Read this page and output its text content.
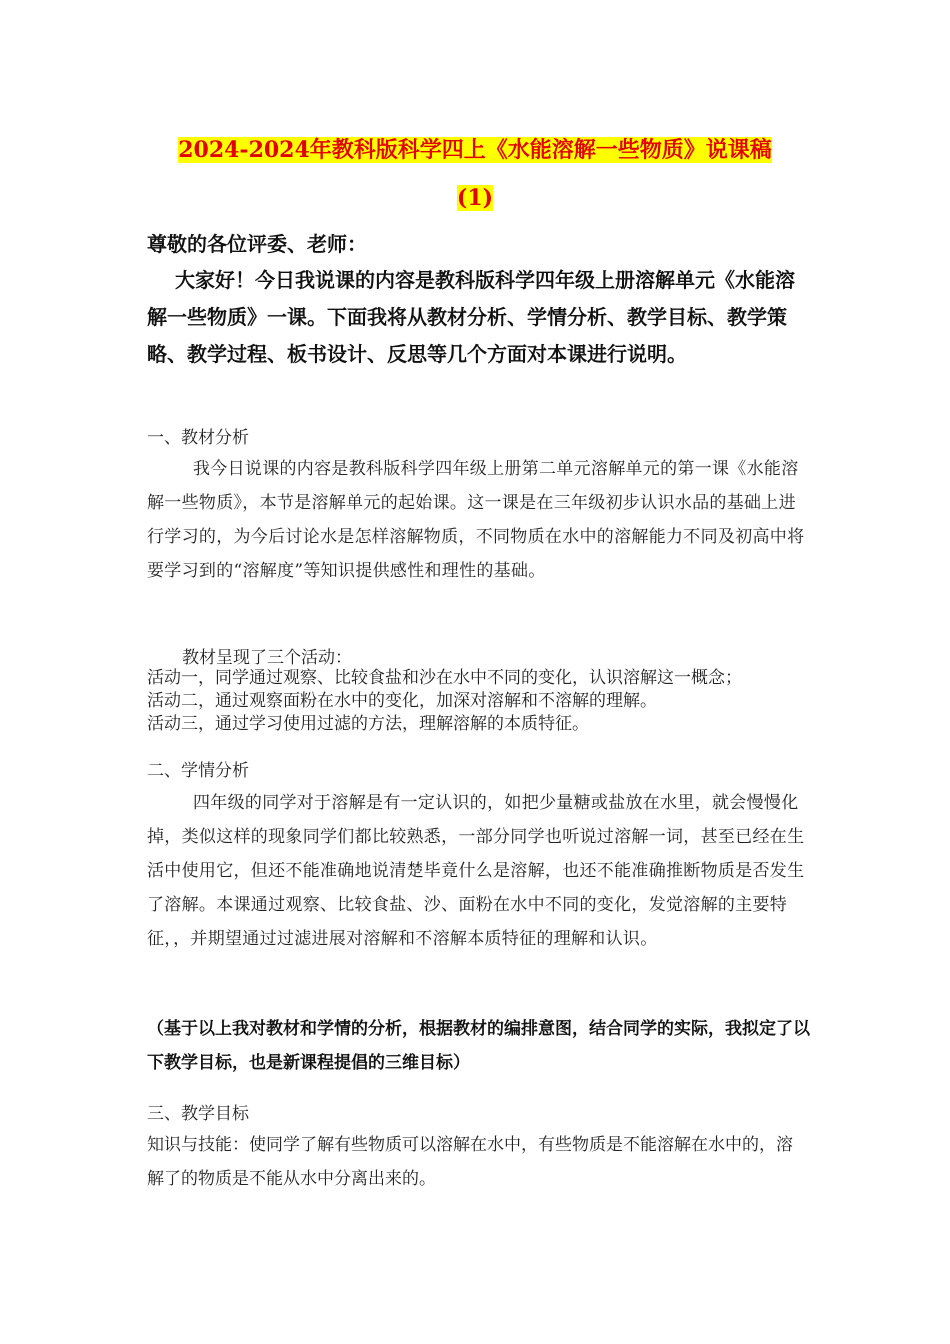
2024-2024年教科版科学四上《水能溶解一些物质》说课稿
(1)
尊敬的各位评委、老师：
大家好！今日我说课的内容是教科版科学四年级上册溶解单元《水能溶解一些物质》一课。下面我将从教材分析、学情分析、教学目标、教学策略、教学过程、板书设计、反思等几个方面对本课进行说明。
一、教材分析
我今日说课的内容是教科版科学四年级上册第二单元溶解单元的第一课《水能溶解一些物质》，本节是溶解单元的起始课。这一课是在三年级初步认识水品的基础上进行学习的，为今后讨论水是怎样溶解物质，不同物质在水中的溶解能力不同及初高中将要学习到的“溶解度”等知识提供感性和理性的基础。
教材呈现了三个活动：
活动一，同学通过观察、比较食盐和沙在水中不同的变化，认识溶解这一概念；
活动二，通过观察面粉在水中的变化，加深对溶解和不溶解的理解。
活动三，通过学习使用过滤的方法，理解溶解的本质特征。
二、学情分析
四年级的同学对于溶解是有一定认识的，如把少量糖或盐放在水里，就会慢慢化掉，类似这样的现象同学们都比较熟悉，一部分同学也听说过溶解一词，甚至已经在生活中使用它，但还不能准确地说清楚毕竟什么是溶解，也还不能准确推断物质是否发生了溶解。本课通过观察、比较食盐、沙、面粉在水中不同的变化，发觉溶解的主要特征，，并期望通过过滤进展对溶解和不溶解本质特征的理解和认识。
（基于以上我对教材和学情的分析，根据教材的编排意图，结合同学的实际，我拟定了以下教学目标，也是新课程提倡的三维目标）
三、教学目标
知识与技能：使同学了解有些物质可以溶解在水中，有些物质是不能溶解在水中的，溶解了的物质是不能从水中分离出来的。
